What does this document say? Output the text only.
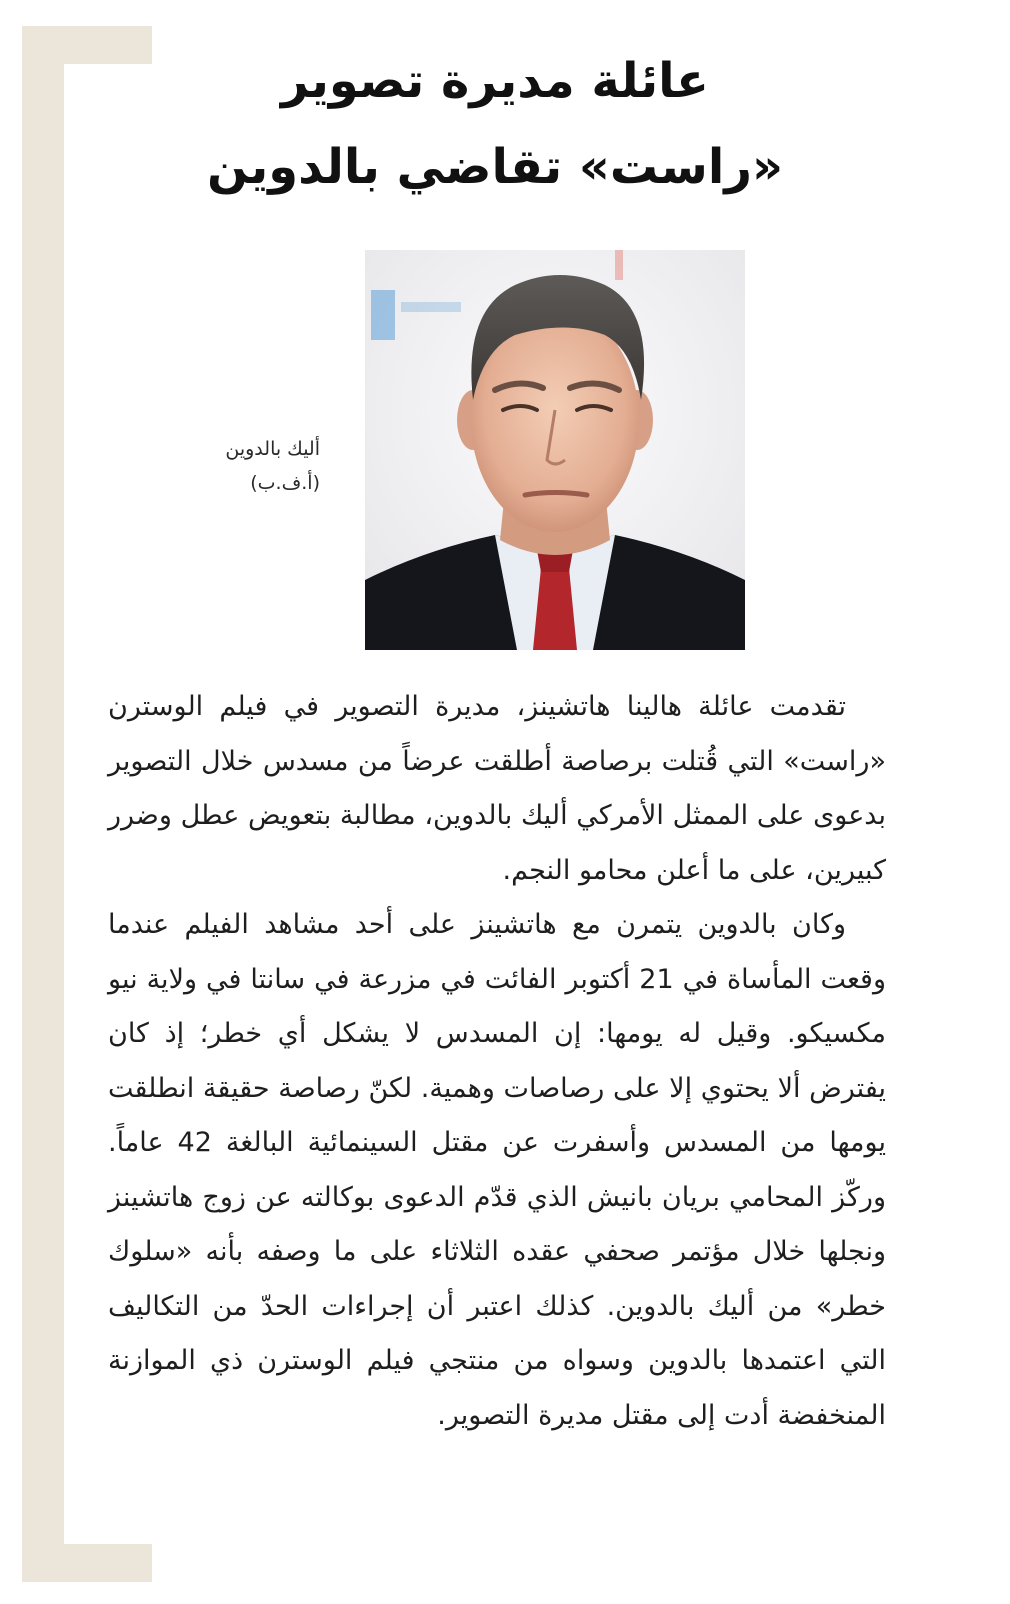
عائلة مديرة تصوير
«راست» تقاضي بالدوين
أليك بالدوين
(أ.ف.ب)

تقدمت عائلة هالينا هاتشينز، مديرة التصوير في فيلم الوسترن «راست» التي قُتلت برصاصة أطلقت عرضاً من مسدس خلال التصوير بدعوى على الممثل الأمركي أليك بالدوين، مطالبة بتعويض عطل وضرر كبيرين، على ما أعلن محامو النجم.

وكان بالدوين يتمرن مع هاتشينز على أحد مشاهد الفيلم عندما وقعت المأساة في 21 أكتوبر الفائت في مزرعة في سانتا في ولاية نيو مكسيكو. وقيل له يومها: إن المسدس لا يشكل أي خطر؛ إذ كان يفترض ألا يحتوي إلا على رصاصات وهمية. لكنّ رصاصة حقيقة انطلقت يومها من المسدس وأسفرت عن مقتل السينمائية البالغة 42 عاماً. وركّز المحامي بريان بانيش الذي قدّم الدعوى بوكالته عن زوج هاتشينز ونجلها خلال مؤتمر صحفي عقده الثلاثاء على ما وصفه بأنه «سلوك خطر» من أليك بالدوين. كذلك اعتبر أن إجراءات الحدّ من التكاليف التي اعتمدها بالدوين وسواه من منتجي فيلم الوسترن ذي الموازنة المنخفضة أدت إلى مقتل مديرة التصوير.
